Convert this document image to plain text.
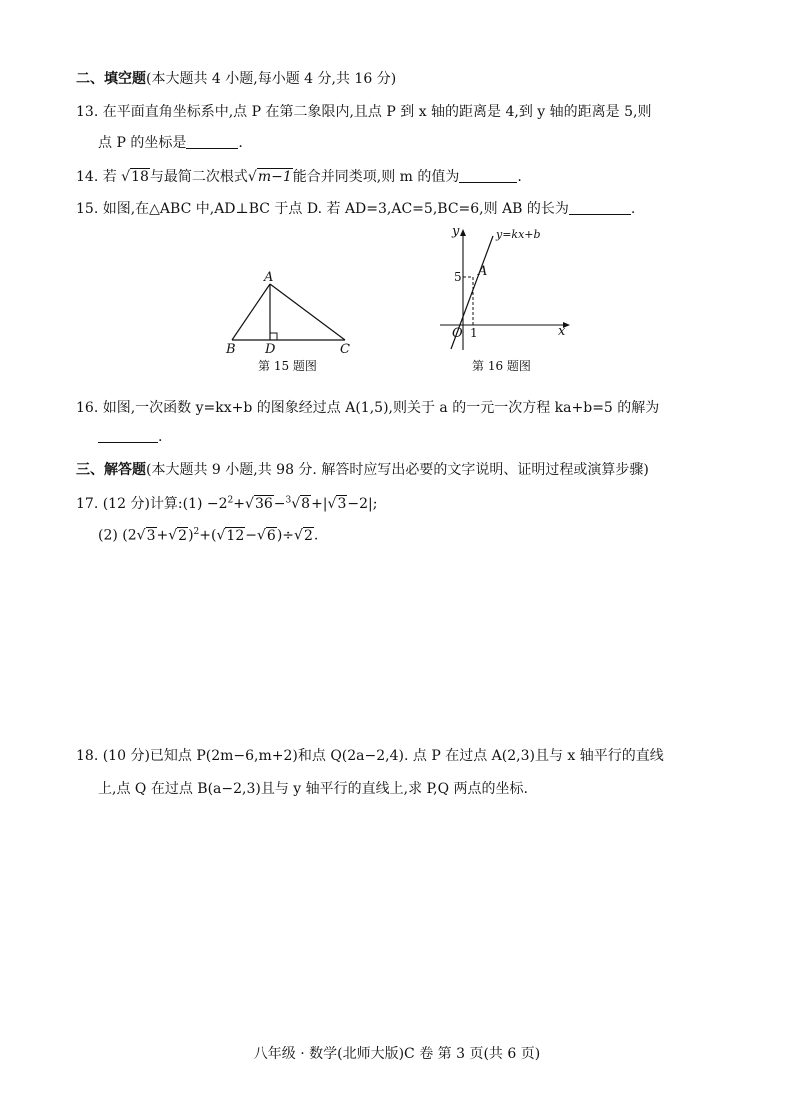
二、填空题(本大题共 4 小题,每小题 4 分,共 16 分)
13. 在平面直角坐标系中,点 P 在第二象限内,且点 P 到 x 轴的距离是 4,到 y 轴的距离是 5,则
点 P 的坐标是	.
14. 若 √18与最简二次根式√m−1能合并同类项,则 m 的值为	.
15. 如图,在△ABC 中,AD⊥BC 于点 D. 若 AD=3,AC=5,BC=6,则 AB 的长为	.
A
B	C
D
第 15 题图
y
x
O
A
5
1
y=kx+b
第 16 题图
16. 如图,一次函数 y=kx+b 的图象经过点 A(1,5),则关于 a 的一元一次方程 ka+b=5 的解为
.
三、解答题(本大题共 9 小题,共 98 分. 解答时应写出必要的文字说明、证明过程或演算步骤)
17. (12 分)计算:(1) $-2^2+√36-^3√8+|√3-2|$;
(2) $(2√3+√2)^2+(√12-√6)\div√2$.
18. (10 分)已知点 P(2m−6,m+2)和点 Q(2a−2,4). 点 P 在过点 A(2,3)且与 x 轴平行的直线
上,点 Q 在过点 B(a−2,3)且与 y 轴平行的直线上,求 P,Q 两点的坐标.
八年级 · 数学(北师大版)C 卷 第 3 页(共 6 页)
